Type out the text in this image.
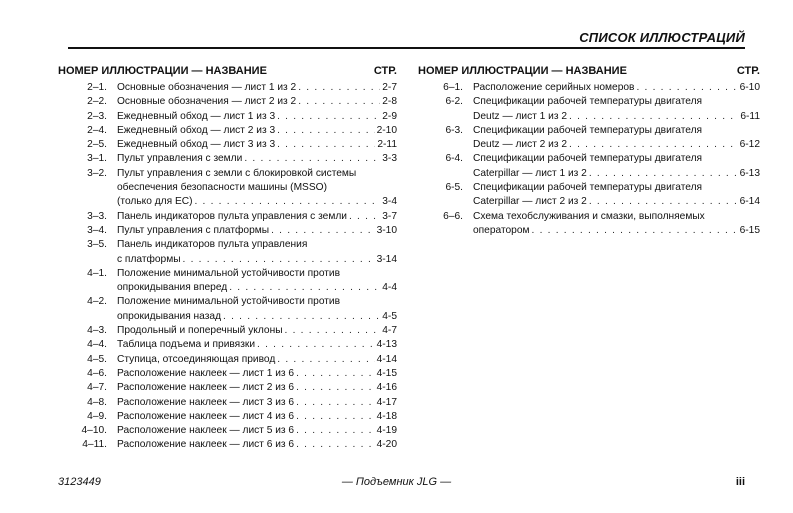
СПИСОК ИЛЛЮСТРАЦИЙ
НОМЕР ИЛЛЮСТРАЦИИ — НАЗВАНИЕ	СТР.
2–1. Основные обозначения — лист 1 из 2 . . .	2-7
2–2. Основные обозначения — лист 2 из 2 . . .	2-8
2–3. Ежедневный обход — лист 1 из 3 . . .	2-9
2–4. Ежедневный обход — лист 2 из 3 . . .	2-10
2–5. Ежедневный обход — лист 3 из 3 . . .	2-11
3–1. Пульт управления с земли . . .	3-3
3–2. Пульт управления с земли с блокировкой системы
обеспечения безопасности машины (MSSO)
(только для EC) . . .	3-4
3–3. Панель индикаторов пульта управления с земли . . .	3-7
3–4. Пульт управления с платформы . . .	3-10
3–5. Панель индикаторов пульта управления
с платформы . . .	3-14
4–1. Положение минимальной устойчивости против
опрокидывания вперед . . .	4-4
4–2. Положение минимальной устойчивости против
опрокидывания назад . . .	4-5
4–3. Продольный и поперечный уклоны . . .	4-7
4–4. Таблица подъема и привязки . . .	4-13
4–5. Ступица, отсоединяющая привод . . .	4-14
4–6. Расположение наклеек — лист 1 из 6 . . .	4-15
4–7. Расположение наклеек — лист 2 из 6 . . .	4-16
4–8. Расположение наклеек — лист 3 из 6 . . .	4-17
4–9. Расположение наклеек — лист 4 из 6 . . .	4-18
4–10. Расположение наклеек — лист 5 из 6 . . .	4-19
4–11. Расположение наклеек — лист 6 из 6 . . .	4-20
НОМЕР ИЛЛЮСТРАЦИИ — НАЗВАНИЕ	СТР.
6–1. Расположение серийных номеров . . .	6-10
6-2. Спецификации рабочей температуры двигателя
Deutz — лист 1 из 2 . . .	6-11
6-3. Спецификации рабочей температуры двигателя
Deutz — лист 2 из 2 . . .	6-12
6-4. Спецификации рабочей температуры двигателя
Caterpillar — лист 1 из 2 . . .	6-13
6-5. Спецификации рабочей температуры двигателя
Caterpillar — лист 2 из 2 . . .	6-14
6–6. Схема техобслуживания и смазки, выполняемых
оператором . . .	6-15
3123449	— Подъемник JLG —	iii
